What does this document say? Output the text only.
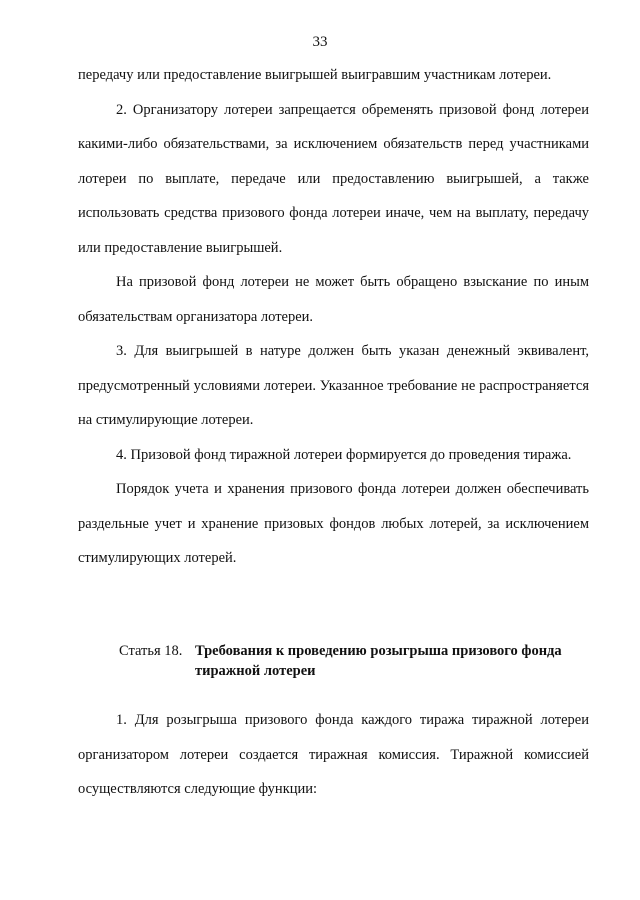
33

передачу или предоставление выигрышей выигравшим участникам лотереи.

2. Организатору лотереи запрещается обременять призовой фонд лотереи какими-либо обязательствами, за исключением обязательств перед участниками лотереи по выплате, передаче или предоставлению выигрышей, а также использовать средства призового фонда лотереи иначе, чем на выплату, передачу или предоставление выигрышей.

На призовой фонд лотереи не может быть обращено взыскание по иным обязательствам организатора лотереи.

3. Для выигрышей в натуре должен быть указан денежный эквивалент, предусмотренный условиями лотереи. Указанное требование не распространяется на стимулирующие лотереи.

4. Призовой фонд тиражной лотереи формируется до проведения тиража.

Порядок учета и хранения призового фонда лотереи должен обеспечивать раздельные учет и хранение призовых фондов любых лотерей, за исключением стимулирующих лотерей.

Статья 18. Требования к проведению розыгрыша призового фонда тиражной лотереи

1. Для розыгрыша призового фонда каждого тиража тиражной лотереи организатором лотереи создается тиражная комиссия. Тиражной комиссией осуществляются следующие функции:
